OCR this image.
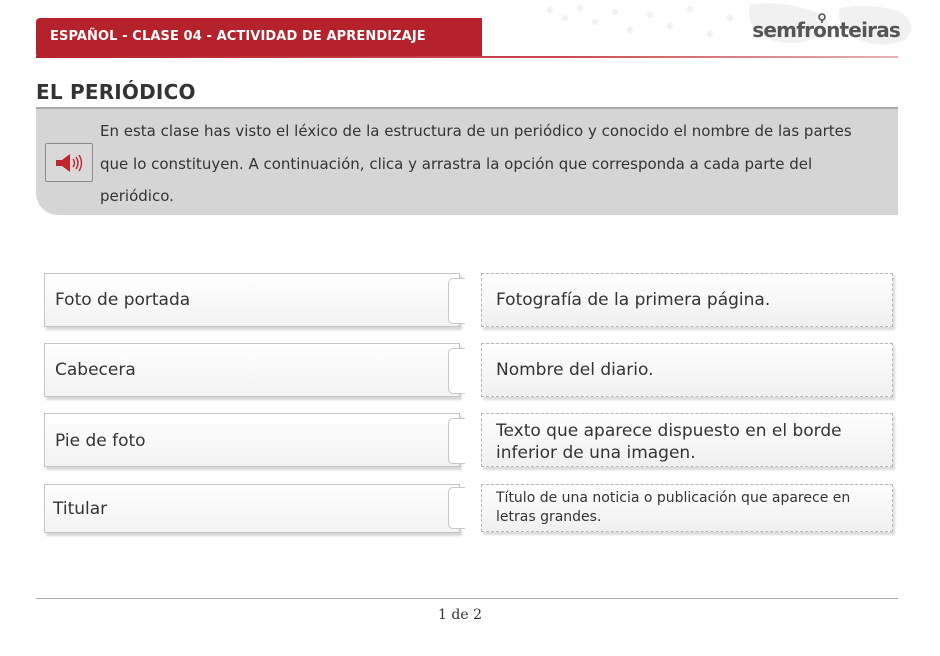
ESPAÑOL - CLASE 04 - ACTIVIDAD DE APRENDIZAJE	semfronteiras
EL PERIÓDICO
En esta clase has visto el léxico de la estructura de un periódico y conocido el nombre de las partes que lo constituyen. A continuación, clica y arrastra la opción que corresponda a cada parte del periódico.
Foto de portada
Cabecera
Pie de foto
Titular
Fotografía de la primera página.
Nombre del diario.
Texto que aparece dispuesto en el borde inferior de una imagen.
Título de una noticia o publicación que aparece en letras grandes.
1 de 2
